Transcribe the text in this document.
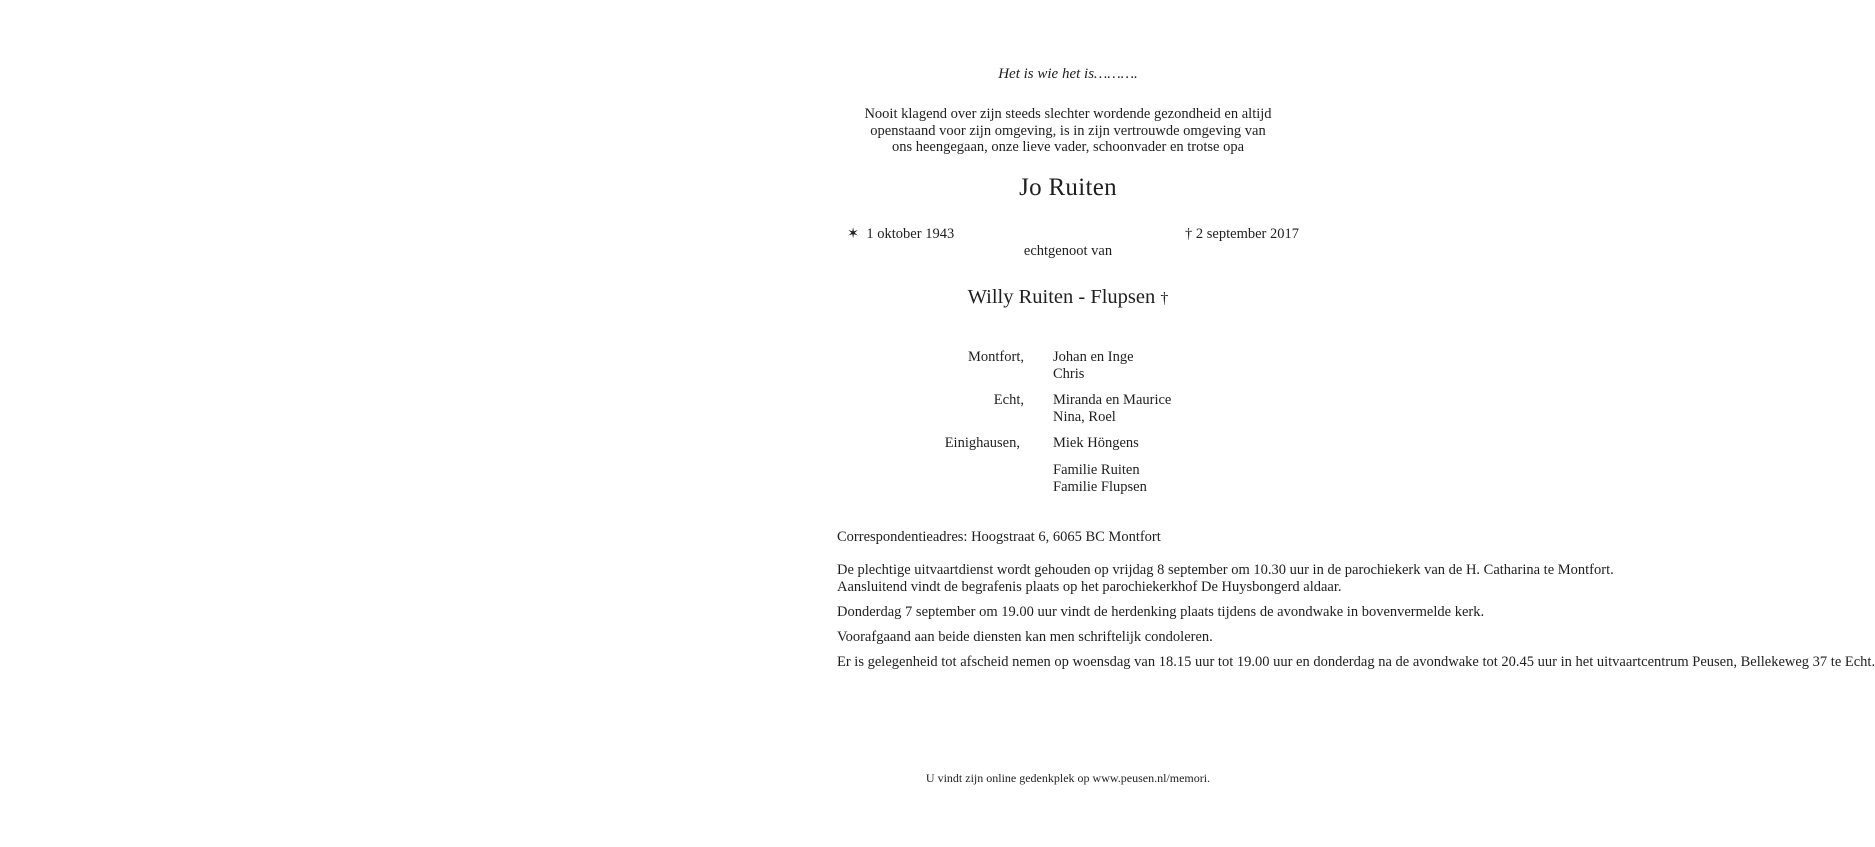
Het is wie het is……….
Nooit klagend over zijn steeds slechter wordende gezondheid en altijd
openstaand voor zijn omgeving, is in zijn vertrouwde omgeving van
ons heengegaan, onze lieve vader, schoonvader en trotse opa
Jo Ruiten
✶ 1 oktober 1943	† 2 september 2017
echtgenoot van
Willy Ruiten - Flupsen †
Montfort, Johan en Inge
Chris
Echt, Miranda en Maurice
Nina, Roel
Einighausen, Miek Höngens
Familie Ruiten
Familie Flupsen
Correspondentieadres: Hoogstraat 6, 6065 BC Montfort

De plechtige uitvaartdienst wordt gehouden op vrijdag 8 september om 10.30 uur in de parochiekerk van de H. Catharina te Montfort.

Aansluitend vindt de begrafenis plaats op het parochiekerkhof De Huysbongerd aldaar.

Donderdag 7 september om 19.00 uur vindt de herdenking plaats tijdens de avondwake in bovenvermelde kerk.

Voorafgaand aan beide diensten kan men schriftelijk condoleren.

Er is gelegenheid tot afscheid nemen op woensdag van 18.15 uur tot 19.00 uur en donderdag na de avondwake tot 20.45 uur in het uitvaartcentrum Peusen, Bellekeweg 37 te Echt.

U vindt zijn online gedenkplek op www.peusen.nl/memori.
